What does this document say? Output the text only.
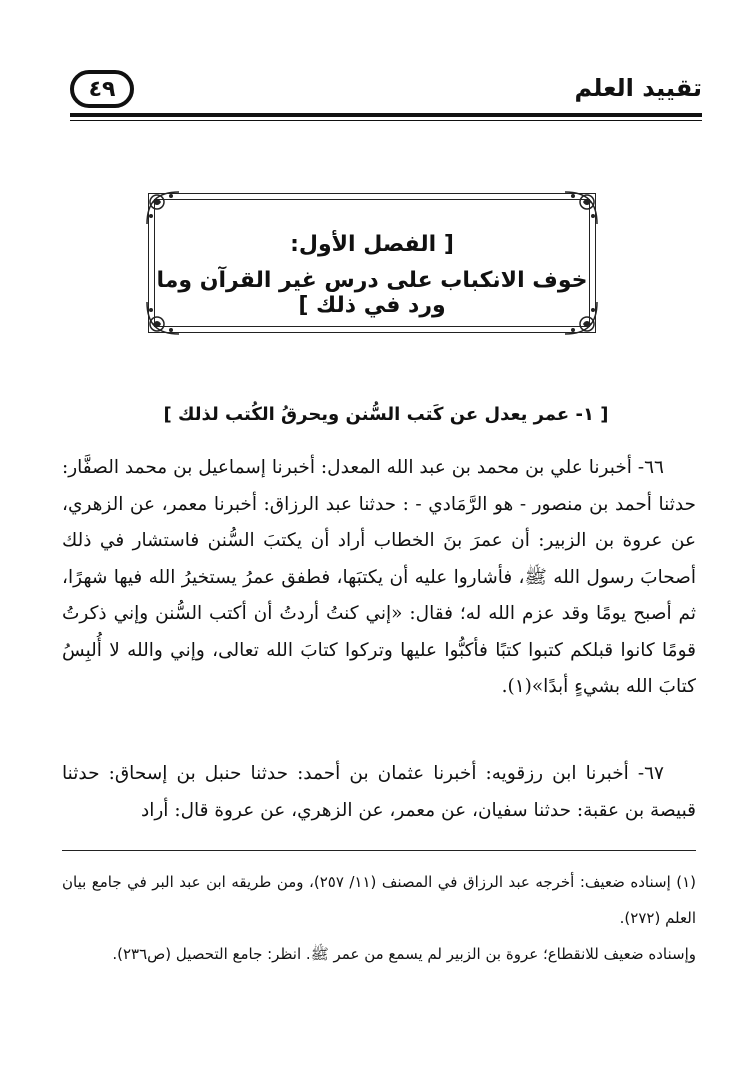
تقييد العلم
٤٩
[ الفصل الأول:
خوف الانكباب على درس غير القرآن وما ورد في ذلك ]
[ ١- عمر يعدل عن كَتب السُّنن ويحرقُ الكُتب لذلك ]

٦٦- أخبرنا علي بن محمد بن عبد الله المعدل: أخبرنا إسماعيل بن محمد الصفَّار: حدثنا أحمد بن منصور - هو الرَّمَادي - : حدثنا عبد الرزاق: أخبرنا معمر، عن الزهري، عن عروة بن الزبير: أن عمرَ بنَ الخطاب أراد أن يكتبَ السُّنن فاستشار في ذلك أصحابَ رسول الله ﷺ، فأشاروا عليه أن يكتبَها، فطفق عمرُ يستخيرُ الله فيها شهرًا، ثم أصبح يومًا وقد عزم الله له؛ فقال: «إني كنتُ أردتُ أن أكتب السُّنن وإني ذكرتُ قومًا كانوا قبلكم كتبوا كتبًا فأكبُّوا عليها وتركوا كتابَ الله تعالى، وإني والله لا أُلبِسُ كتابَ الله بشيءٍ أبدًا»(١).

٦٧- أخبرنا ابن رزقويه: أخبرنا عثمان بن أحمد: حدثنا حنبل بن إسحاق: حدثنا قبيصة بن عقبة: حدثنا سفيان، عن معمر، عن الزهري، عن عروة قال: أراد

(١) إسناده ضعيف: أخرجه عبد الرزاق في المصنف (١١/ ٢٥٧)، ومن طريقه ابن عبد البر في جامع بيان العلم (٢٧٢).

وإسناده ضعيف للانقطاع؛ عروة بن الزبير لم يسمع من عمر ﷺ. انظر: جامع التحصيل (ص٢٣٦).
